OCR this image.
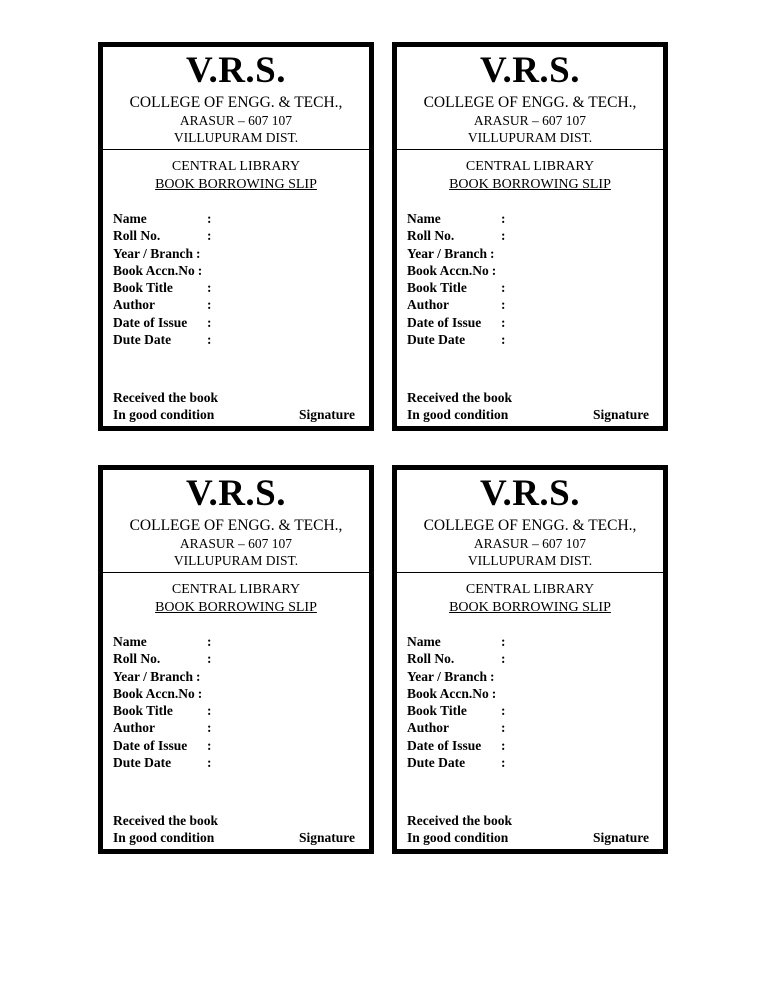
V.R.S.
COLLEGE OF ENGG. & TECH.,
ARASUR – 607 107
VILLUPURAM DIST.
CENTRAL LIBRARY
BOOK BORROWING SLIP
Name	:
Roll No.	:
Year / Branch :
Book Accn.No :
Book Title	:
Author	:
Date of Issue :
Dute Date	:
Received the book
In good condition	Signature
V.R.S.
COLLEGE OF ENGG. & TECH.,
ARASUR – 607 107
VILLUPURAM DIST.
CENTRAL LIBRARY
BOOK BORROWING SLIP
Name	:
Roll No.	:
Year / Branch :
Book Accn.No :
Book Title	:
Author	:
Date of Issue :
Dute Date	:
Received the book
In good condition	Signature
V.R.S.
COLLEGE OF ENGG. & TECH.,
ARASUR – 607 107
VILLUPURAM DIST.
CENTRAL LIBRARY
BOOK BORROWING SLIP
Name	:
Roll No.	:
Year / Branch :
Book Accn.No :
Book Title	:
Author	:
Date of Issue :
Dute Date	:
Received the book
In good condition	Signature
V.R.S.
COLLEGE OF ENGG. & TECH.,
ARASUR – 607 107
VILLUPURAM DIST.
CENTRAL LIBRARY
BOOK BORROWING SLIP
Name	:
Roll No.	:
Year / Branch :
Book Accn.No :
Book Title	:
Author	:
Date of Issue :
Dute Date	:
Received the book
In good condition	Signature
